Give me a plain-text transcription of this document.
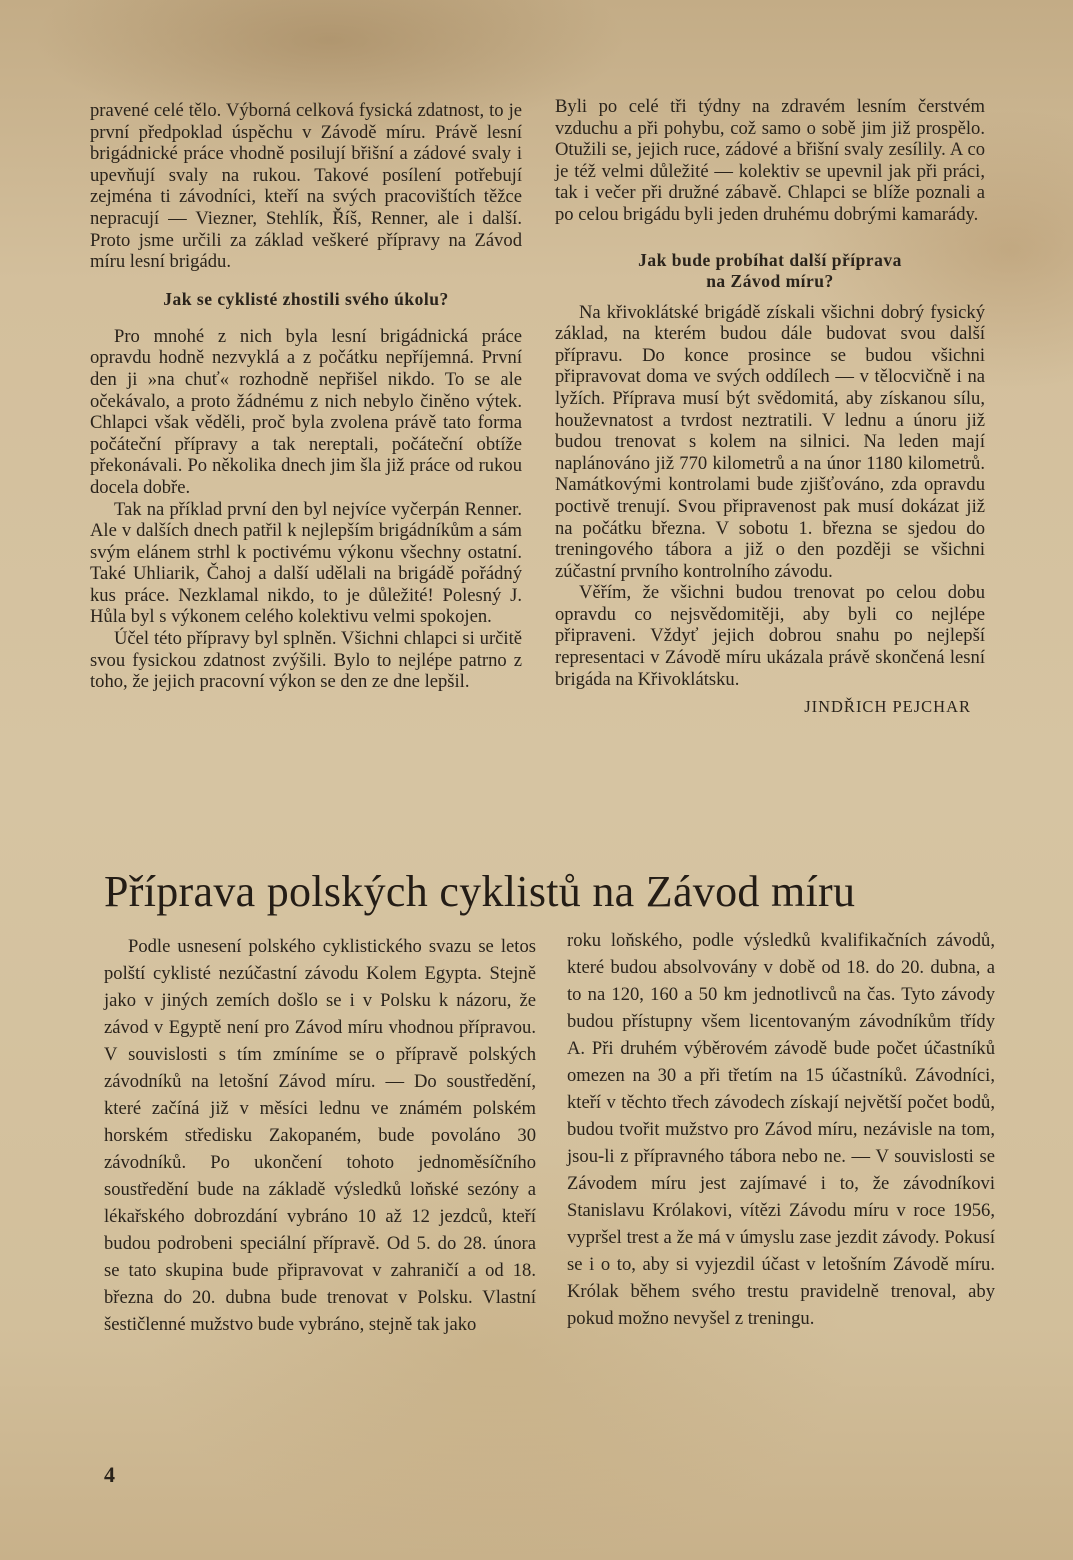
pravené celé tělo. Výborná celková fysická zdatnost, to je první předpoklad úspěchu v Závodě míru. Právě lesní brigádnické práce vhodně posilují břišní a zádové svaly i upevňují svaly na rukou. Takové posílení potřebují zejména ti závodníci, kteří na svých pracovištích těžce nepracují — Viezner, Stehlík, Říš, Renner, ale i další. Proto jsme určili za základ veškeré přípravy na Závod míru lesní brigádu.

Jak se cyklisté zhostili svého úkolu?

Pro mnohé z nich byla lesní brigádnická práce opravdu hodně nezvyklá a z počátku nepříjemná. První den ji »na chuť« rozhodně nepřišel nikdo. To se ale očekávalo, a proto žádnému z nich nebylo činěno výtek. Chlapci však věděli, proč byla zvolena právě tato forma počáteční přípravy a tak nereptali, počáteční obtíže překonávali. Po několika dnech jim šla již práce od rukou docela dobře.

Tak na příklad první den byl nejvíce vyčerpán Renner. Ale v dalších dnech patřil k nejlepším brigádníkům a sám svým elánem strhl k poctivému výkonu všechny ostatní. Také Uhliarik, Čahoj a další udělali na brigádě pořádný kus práce. Nezklamal nikdo, to je důležité! Polesný J. Hůla byl s výkonem celého kolektivu velmi spokojen.

Účel této přípravy byl splněn. Všichni chlapci si určitě svou fysickou zdatnost zvýšili. Bylo to nejlépe patrno z toho, že jejich pracovní výkon se den ze dne lepšil.

Byli po celé tři týdny na zdravém lesním čerstvém vzduchu a při pohybu, což samo o sobě jim již prospělo. Otužili se, jejich ruce, zádové a břišní svaly zesílily. A co je též velmi důležité — kolektiv se upevnil jak při práci, tak i večer při družné zábavě. Chlapci se blíže poznali a po celou brigádu byli jeden druhému dobrými kamarády.

Jak bude probíhat další příprava
na Závod míru?

Na křivoklátské brigádě získali všichni dobrý fysický základ, na kterém budou dále budovat svou další přípravu. Do konce prosince se budou všichni připravovat doma ve svých oddílech — v tělocvičně i na lyžích. Příprava musí být svědomitá, aby získanou sílu, houževnatost a tvrdost neztratili. V lednu a únoru již budou trenovat s kolem na silnici. Na leden mají naplánováno již 770 kilometrů a na únor 1180 kilometrů. Namátkovými kontrolami bude zjišťováno, zda opravdu poctivě trenují. Svou připravenost pak musí dokázat již na počátku března. V sobotu 1. března se sjedou do treningového tábora a již o den později se všichni zúčastní prvního kontrolního závodu.

Věřím, že všichni budou trenovat po celou dobu opravdu co nejsvědomitěji, aby byli co nejlépe připraveni. Vždyť jejich dobrou snahu po nejlepší representaci v Závodě míru ukázala právě skončená lesní brigáda na Křivoklátsku.

JINDŘICH PEJCHAR

Příprava polských cyklistů na Závod míru

Podle usnesení polského cyklistického svazu se letos polští cyklisté nezúčastní závodu Kolem Egypta. Stejně jako v jiných zemích došlo se i v Polsku k názoru, že závod v Egyptě není pro Závod míru vhodnou přípravou. V souvislosti s tím zmíníme se o přípravě polských závodníků na letošní Závod míru. — Do soustředění, které začíná již v měsíci lednu ve známém polském horském středisku Zakopaném, bude povoláno 30 závodníků. Po ukončení tohoto jednoměsíčního soustředění bude na základě výsledků loňské sezóny a lékařského dobrozdání vybráno 10 až 12 jezdců, kteří budou podrobeni speciální přípravě. Od 5. do 28. února se tato skupina bude připravovat v zahraničí a od 18. března do 20. dubna bude trenovat v Polsku. Vlastní šestičlenné mužstvo bude vybráno, stejně tak jako

roku loňského, podle výsledků kvalifikačních závodů, které budou absolvovány v době od 18. do 20. dubna, a to na 120, 160 a 50 km jednotlivců na čas. Tyto závody budou přístupny všem licentovaným závodníkům třídy A. Při druhém výběrovém závodě bude počet účastníků omezen na 30 a při třetím na 15 účastníků. Závodníci, kteří v těchto třech závodech získají největší počet bodů, budou tvořit mužstvo pro Závod míru, nezávisle na tom, jsou-li z přípravného tábora nebo ne. — V souvislosti se Závodem míru jest zajímavé i to, že závodníkovi Stanislavu Królakovi, vítězi Závodu míru v roce 1956, vypršel trest a že má v úmyslu zase jezdit závody. Pokusí se i o to, aby si vyjezdil účast v letošním Závodě míru. Królak během svého trestu pravidelně trenoval, aby pokud možno nevyšel z treningu.

4
